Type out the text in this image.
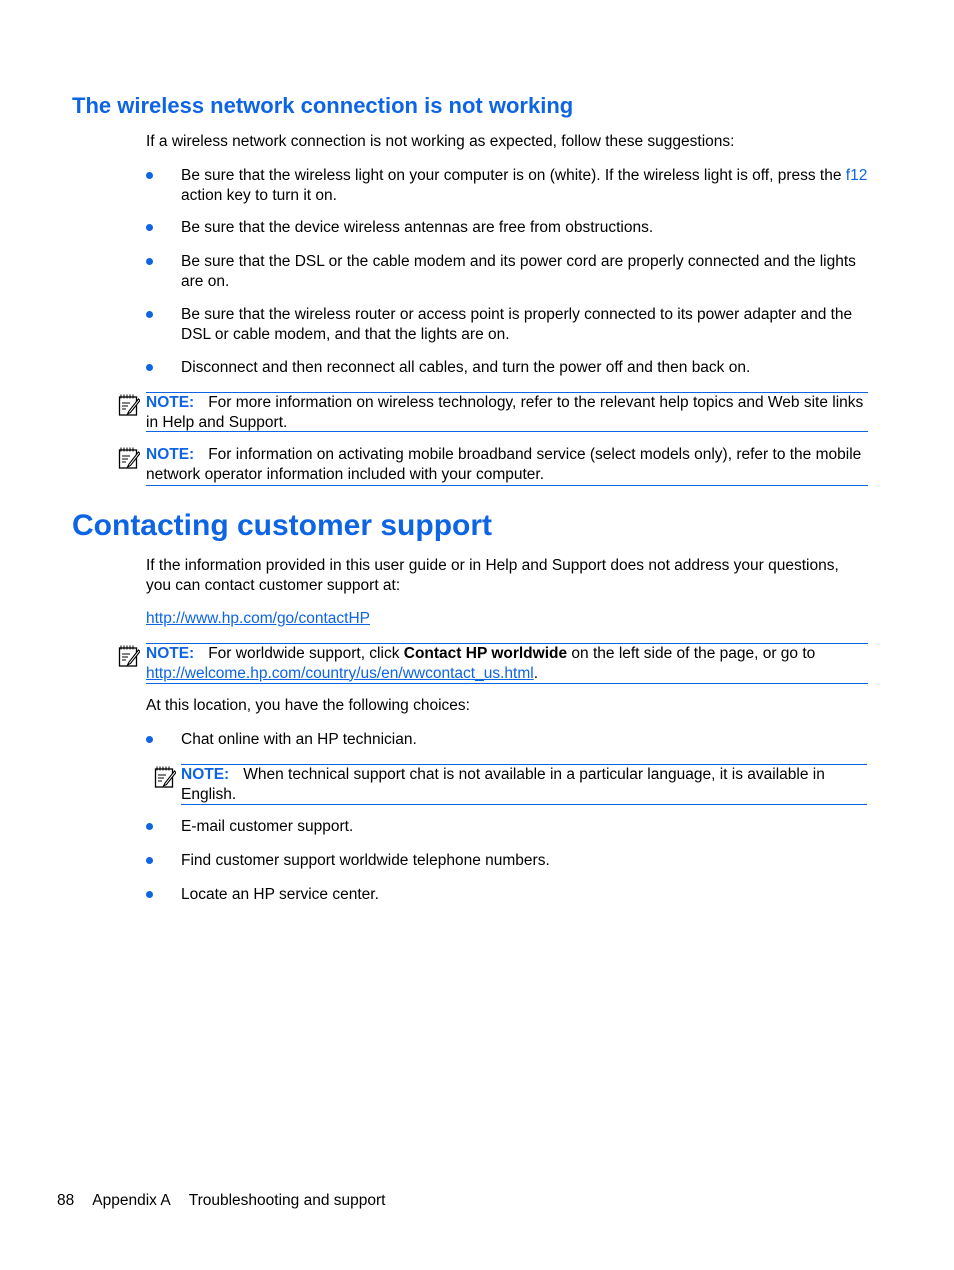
The wireless network connection is not working
If a wireless network connection is not working as expected, follow these suggestions:
Be sure that the wireless light on your computer is on (white). If the wireless light is off, press the f12 action key to turn it on.
Be sure that the device wireless antennas are free from obstructions.
Be sure that the DSL or the cable modem and its power cord are properly connected and the lights are on.
Be sure that the wireless router or access point is properly connected to its power adapter and the DSL or cable modem, and that the lights are on.
Disconnect and then reconnect all cables, and turn the power off and then back on.
NOTE: For more information on wireless technology, refer to the relevant help topics and Web site links in Help and Support.
NOTE: For information on activating mobile broadband service (select models only), refer to the mobile network operator information included with your computer.
Contacting customer support
If the information provided in this user guide or in Help and Support does not address your questions, you can contact customer support at:
http://www.hp.com/go/contactHP
NOTE: For worldwide support, click Contact HP worldwide on the left side of the page, or go to http://welcome.hp.com/country/us/en/wwcontact_us.html.
At this location, you have the following choices:
Chat online with an HP technician.
NOTE: When technical support chat is not available in a particular language, it is available in English.
E-mail customer support.
Find customer support worldwide telephone numbers.
Locate an HP service center.
88 Appendix A Troubleshooting and support
